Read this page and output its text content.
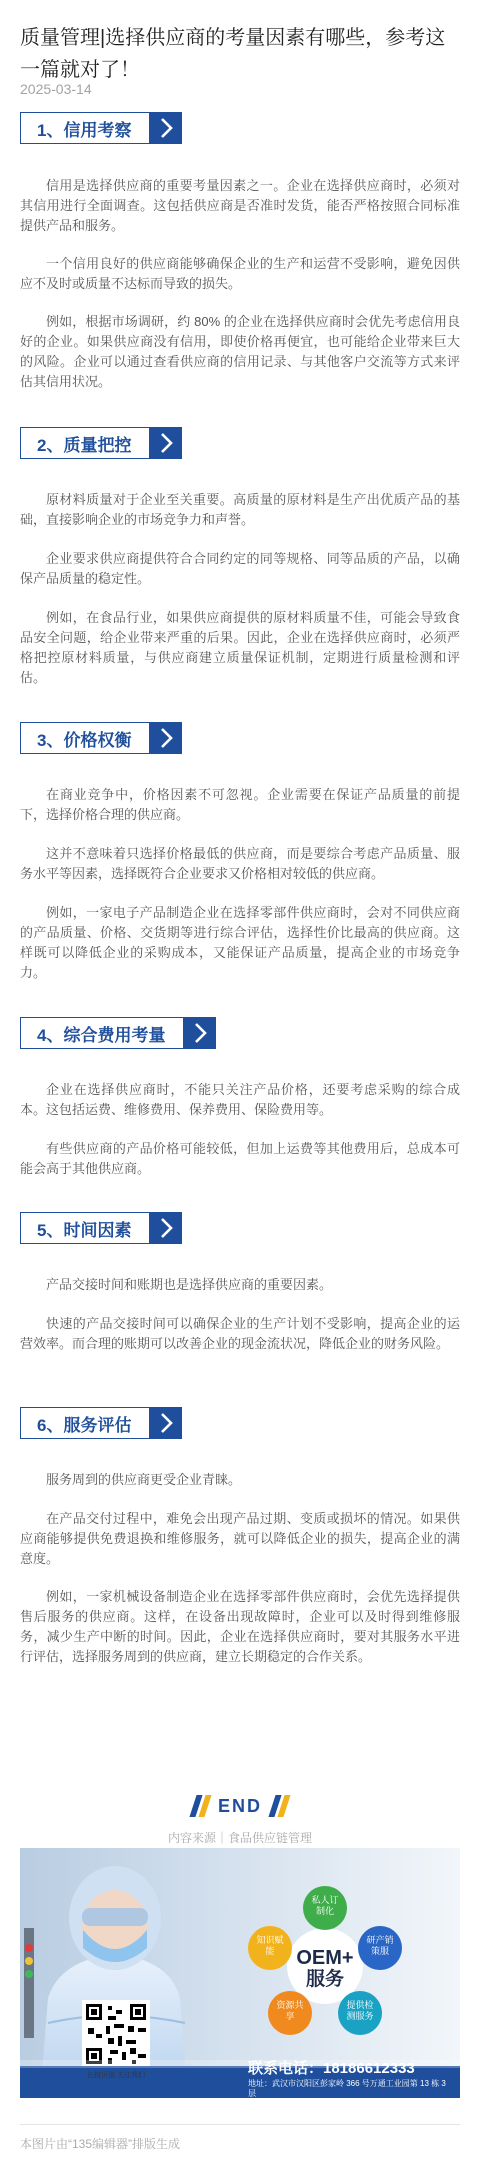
质量管理|选择供应商的考量因素有哪些，参考这一篇就对了！
2025-03-14
1、信用考察

信用是选择供应商的重要考量因素之一。企业在选择供应商时，必须对其信用进行全面调查。这包括供应商是否准时发货，能否严格按照合同标准提供产品和服务。

一个信用良好的供应商能够确保企业的生产和运营不受影响，避免因供应不及时或质量不达标而导致的损失。

例如，根据市场调研，约 80% 的企业在选择供应商时会优先考虑信用良好的企业。如果供应商没有信用，即使价格再便宜，也可能给企业带来巨大的风险。企业可以通过查看供应商的信用记录、与其他客户交流等方式来评估其信用状况。

2、质量把控

原材料质量对于企业至关重要。高质量的原材料是生产出优质产品的基础，直接影响企业的市场竞争力和声誉。

企业要求供应商提供符合合同约定的同等规格、同等品质的产品，以确保产品质量的稳定性。

例如，在食品行业，如果供应商提供的原材料质量不佳，可能会导致食品安全问题，给企业带来严重的后果。因此，企业在选择供应商时，必须严格把控原材料质量，与供应商建立质量保证机制，定期进行质量检测和评估。

3、价格权衡

在商业竞争中，价格因素不可忽视。企业需要在保证产品质量的前提下，选择价格合理的供应商。

这并不意味着只选择价格最低的供应商，而是要综合考虑产品质量、服务水平等因素，选择既符合企业要求又价格相对较低的供应商。

例如，一家电子产品制造企业在选择零部件供应商时，会对不同供应商的产品质量、价格、交货期等进行综合评估，选择性价比最高的供应商。这样既可以降低企业的采购成本，又能保证产品质量，提高企业的市场竞争力。

4、综合费用考量

企业在选择供应商时，不能只关注产品价格，还要考虑采购的综合成本。这包括运费、维修费用、保养费用、保险费用等。

有些供应商的产品价格可能较低，但加上运费等其他费用后，总成本可能会高于其他供应商。

5、时间因素

产品交接时间和账期也是选择供应商的重要因素。

快速的产品交接时间可以确保企业的生产计划不受影响，提高企业的运营效率。而合理的账期可以改善企业的现金流状况，降低企业的财务风险。

6、服务评估

服务周到的供应商更受企业青睐。

在产品交付过程中，难免会出现产品过期、变质或损坏的情况。如果供应商能够提供免费退换和维修服务，就可以降低企业的损失，提高企业的满意度。

例如，一家机械设备制造企业在选择零部件供应商时，会优先选择提供售后服务的供应商。这样，在设备出现故障时，企业可以及时得到维修服务，减少生产中断的时间。因此，企业在选择供应商时，要对其服务水平进行评估，选择服务周到的供应商，建立长期稳定的合作关系。

END
内容来源｜食品供应链管理
OEM+
服务
私人订制化
研产销策服
提供检测服务
资源共享
知识赋能
长按识别 关注我们	联系电话：18186612333
地址：武汉市汉阳区彭家岭 366 号万通工业园第 13 栋 3 层
本图片由“135编辑器”排版生成
